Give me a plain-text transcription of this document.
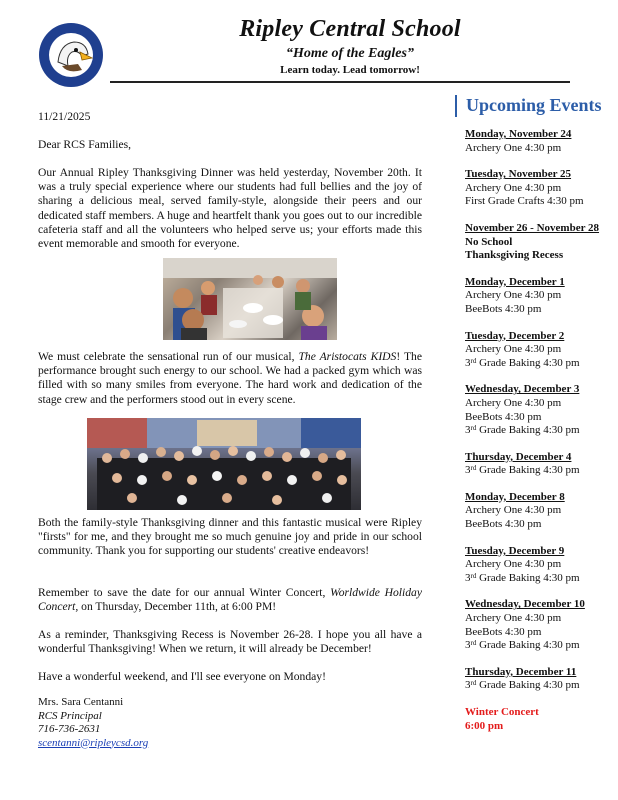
Ripley Central School
“Home of the Eagles”
Learn today. Lead tomorrow!
11/21/2025
Dear RCS Families,
Our Annual Ripley Thanksgiving Dinner was held yesterday, November 20th. It was a truly special experience where our students had full bellies and the joy of sharing a delicious meal, served family-style, alongside their peers and our dedicated staff members. A huge and heartfelt thank you goes out to our incredible cafeteria staff and all the volunteers who helped serve us; your efforts made this event memorable and smooth for everyone.
We must celebrate the sensational run of our musical, The Aristocats KIDS! The performance brought such energy to our school. We had a packed gym which was filled with so many smiles from everyone. The hard work and dedication of the stage crew and the performers stood out in every scene.
Both the family-style Thanksgiving dinner and this fantastic musical were Ripley "firsts" for me, and they brought me so much genuine joy and pride in our school community. Thank you for supporting our students' creative endeavors!
Remember to save the date for our annual Winter Concert, Worldwide Holiday Concert, on Thursday, December 11th, at 6:00 PM!
As a reminder, Thanksgiving Recess is November 26-28. I hope you all have a wonderful Thanksgiving! When we return, it will already be December!
Have a wonderful weekend, and I'll see everyone on Monday!
Mrs. Sara Centanni
RCS Principal
716-736-2631
scentanni@ripleycsd.org
Upcoming Events
Monday, November 24
Archery One 4:30 pm
Tuesday, November 25
Archery One 4:30 pm
First Grade Crafts 4:30 pm
November 26 - November 28
No School
Thanksgiving Recess
Monday, December 1
Archery One 4:30 pm
BeeBots 4:30 pm
Tuesday, December 2
Archery One 4:30 pm
3rd Grade Baking 4:30 pm
Wednesday, December 3
Archery One 4:30 pm
BeeBots 4:30 pm
3rd Grade Baking 4:30 pm
Thursday, December 4
3rd Grade Baking 4:30 pm
Monday, December 8
Archery One 4:30 pm
BeeBots 4:30 pm
Tuesday, December 9
Archery One 4:30 pm
3rd Grade Baking 4:30 pm
Wednesday, December 10
Archery One 4:30 pm
BeeBots 4:30 pm
3rd Grade Baking 4:30 pm
Thursday, December 11
3rd Grade Baking 4:30 pm
Winter Concert
6:00 pm
